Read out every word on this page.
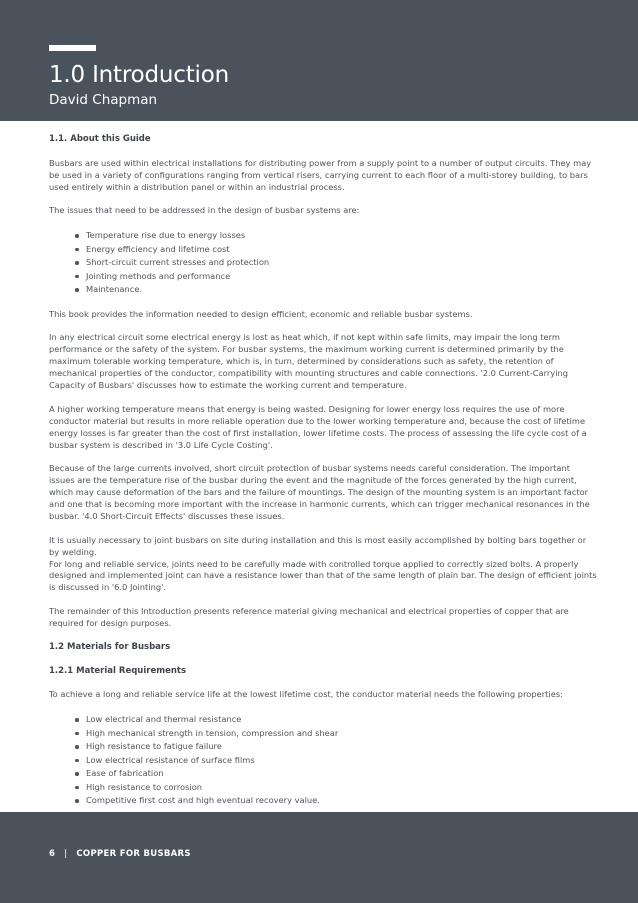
1.0 Introduction
David Chapman
1.1. About this Guide

Busbars are used within electrical installations for distributing power from a supply point to a number of output circuits. They may be used in a variety of configurations ranging from vertical risers, carrying current to each floor of a multi-storey building, to bars used entirely within a distribution panel or within an industrial process.

The issues that need to be addressed in the design of busbar systems are:

Temperature rise due to energy losses
Energy efficiency and lifetime cost
Short-circuit current stresses and protection
Jointing methods and performance
Maintenance.

This book provides the information needed to design efficient, economic and reliable busbar systems.

In any electrical circuit some electrical energy is lost as heat which, if not kept within safe limits, may impair the long term performance or the safety of the system. For busbar systems, the maximum working current is determined primarily by the maximum tolerable working temperature, which is, in turn, determined by considerations such as safety, the retention of mechanical properties of the conductor, compatibility with mounting structures and cable connections. '2.0 Current-Carrying Capacity of Busbars' discusses how to estimate the working current and temperature.

A higher working temperature means that energy is being wasted. Designing for lower energy loss requires the use of more conductor material but results in more reliable operation due to the lower working temperature and, because the cost of lifetime energy losses is far greater than the cost of first installation, lower lifetime costs. The process of assessing the life cycle cost of a busbar system is described in '3.0 Life Cycle Costing'.

Because of the large currents involved, short circuit protection of busbar systems needs careful consideration. The important issues are the temperature rise of the busbar during the event and the magnitude of the forces generated by the high current, which may cause deformation of the bars and the failure of mountings. The design of the mounting system is an important factor and one that is becoming more important with the increase in harmonic currents, which can trigger mechanical resonances in the busbar. '4.0 Short-Circuit Effects' discusses these issues.

It is usually necessary to joint busbars on site during installation and this is most easily accomplished by bolting bars together or by welding.

For long and reliable service, joints need to be carefully made with controlled torque applied to correctly sized bolts. A properly designed and implemented joint can have a resistance lower than that of the same length of plain bar. The design of efficient joints is discussed in '6.0 Jointing'.

The remainder of this Introduction presents reference material giving mechanical and electrical properties of copper that are required for design purposes.

1.2 Materials for Busbars
1.2.1 Material Requirements

To achieve a long and reliable service life at the lowest lifetime cost, the conductor material needs the following properties:

Low electrical and thermal resistance
High mechanical strength in tension, compression and shear
High resistance to fatigue failure
Low electrical resistance of surface films
Ease of fabrication
High resistance to corrosion
Competitive first cost and high eventual recovery value.

6 | COPPER FOR BUSBARS
